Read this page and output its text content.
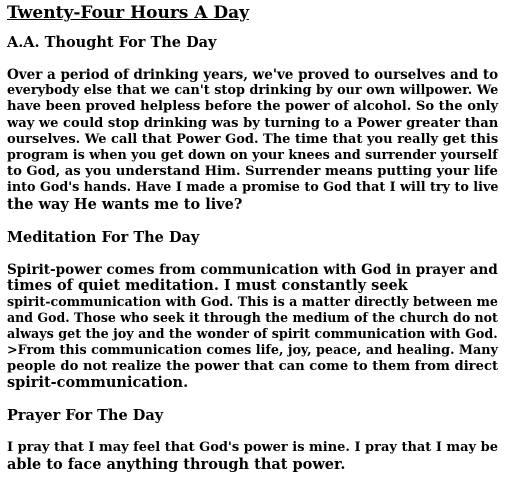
Twenty-Four Hours A Day
A.A. Thought For The Day
Over a period of drinking years, we've proved to ourselves and to
everybody else that we can't stop drinking by our own willpower. We
have been proved helpless before the power of alcohol. So the only
way we could stop drinking was by turning to a Power greater than
ourselves. We call that Power God. The time that you really get this
program is when you get down on your knees and surrender yourself
to God, as you understand Him. Surrender means putting your life
into God's hands. Have I made a promise to God that I will try to live
the way He wants me to live?
Meditation For The Day
Spirit-power comes from communication with God in prayer and
times of quiet meditation. I must constantly seek
spirit-communication with God. This is a matter directly between me
and God. Those who seek it through the medium of the church do not
always get the joy and the wonder of spirit communication with God.
>From this communication comes life, joy, peace, and healing. Many
people do not realize the power that can come to them from direct
spirit-communication.
Prayer For The Day
I pray that I may feel that God's power is mine. I pray that I may be
able to face anything through that power.
